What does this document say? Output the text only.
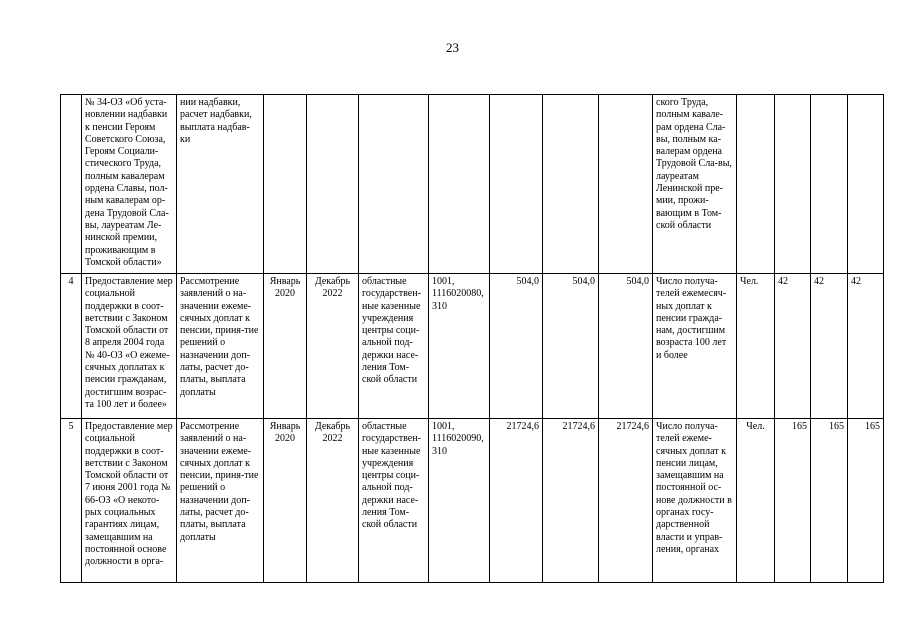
23
	№ 34-ОЗ «Об уста-новлении надбавки к пенсии Героям Советского Союза, Героям Социали-стического Труда, полным кавалерам ордена Славы, пол-ным кавалерам ор-дена Трудовой Сла-вы, лауреатам Ле-нинской премии, проживающим в Томской области»	нии надбавки, расчет надбавки, выплата надбав-ки								ского Труда, полным кавале-рам ордена Сла-вы, полным ка-валерам ордена Трудовой Сла-вы, лауреатам Ленинской пре-мии, прожи-вающим в Том-ской области				
4	Предоставление мер социальной поддержки в соот-ветствии с Законом Томской области от 8 апреля 2004 года № 40-ОЗ «О ежеме-сячных доплатах к пенсии гражданам, достигшим возрас-та 100 лет и более»	Рассмотрение заявлений о на-значении ежеме-сячных доплат к пенсии, приня-тие решений о назначении доп-латы, расчет до-платы, выплата доплаты	Январь 2020	Декабрь 2022	областные государствен-ные казенные учреждения центры соци-альной под-держки насе-ления Том-ской области	1001, 1116020080, 310	504,0	504,0	504,0	Число получа-телей ежемесяч-ных доплат к пенсии гражда-нам, достигшим возраста 100 лет и более	Чел.	42	42	42
5	Предоставление мер социальной поддержки в соот-ветствии с Законом Томской области от 7 июня 2001 года № 66-ОЗ «О некото-рых социальных гарантиях лицам, замещавшим на постоянной основе должности в орга-	Рассмотрение заявлений о на-значении ежеме-сячных доплат к пенсии, приня-тие решений о назначении доп-латы, расчет до-платы, выплата доплаты	Январь 2020	Декабрь 2022	областные государствен-ные казенные учреждения центры соци-альной под-держки насе-ления Том-ской области	1001, 1116020090, 310	21724,6	21724,6	21724,6	Число получа-телей ежеме-сячных доплат к пенсии лицам, замещавшим на постоянной ос-нове должности в органах госу-дарственной власти и управ-ления, органах	Чел.	165	165	165
